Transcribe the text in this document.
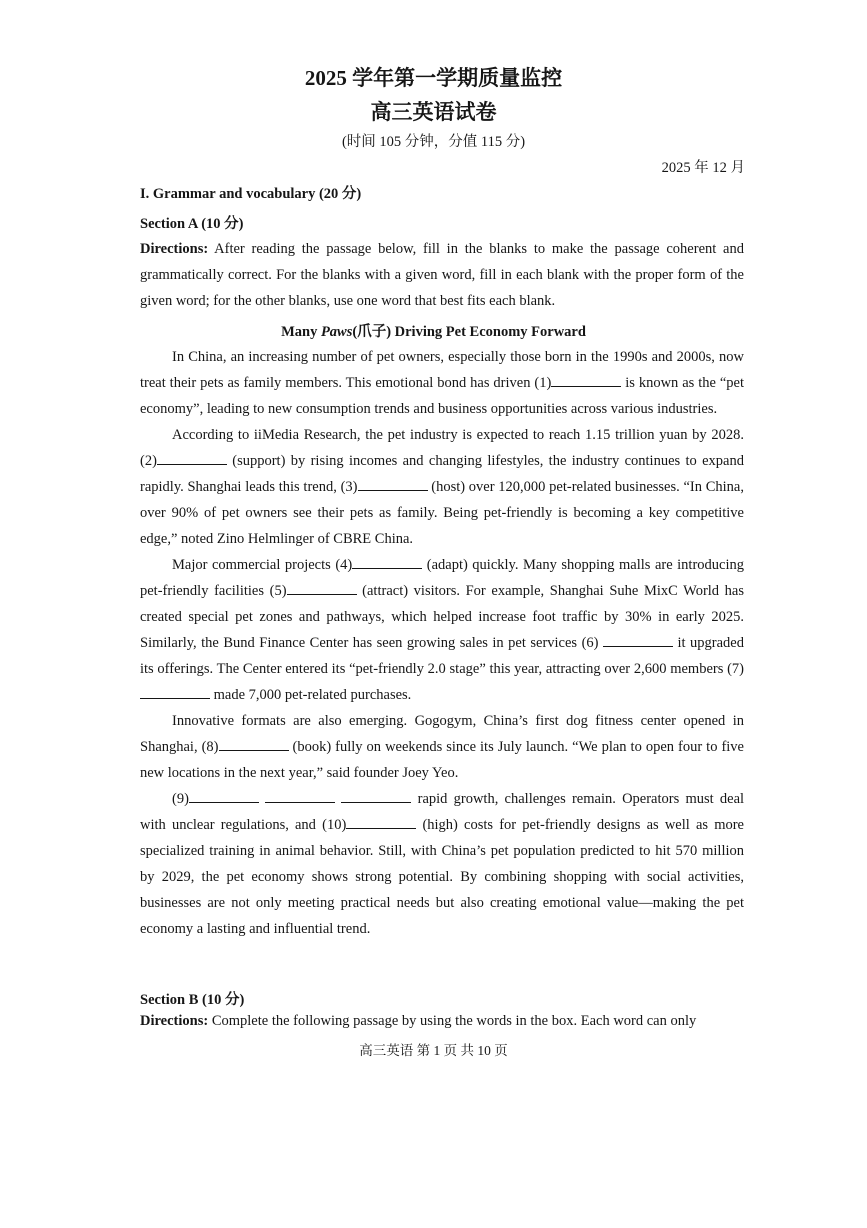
2025 学年第一学期质量监控
高三英语试卷
(时间 105 分钟，分值 115 分)
2025 年 12 月
I. Grammar and vocabulary (20 分)
Section A (10 分)
Directions: After reading the passage below, fill in the blanks to make the passage coherent and grammatically correct. For the blanks with a given word, fill in each blank with the proper form of the given word; for the other blanks, use one word that best fits each blank.
Many Paws(爪子) Driving Pet Economy Forward

In China, an increasing number of pet owners, especially those born in the 1990s and 2000s, now treat their pets as family members. This emotional bond has driven (1)	is known as the “pet economy”, leading to new consumption trends and business opportunities across various industries.

According to iiMedia Research, the pet industry is expected to reach 1.15 trillion yuan by 2028. (2)	(support) by rising incomes and changing lifestyles, the industry continues to expand rapidly. Shanghai leads this trend, (3)	(host) over 120,000 pet-related businesses. “In China, over 90% of pet owners see their pets as family. Being pet-friendly is becoming a key competitive edge,” noted Zino Helmlinger of CBRE China.

Major commercial projects (4)	(adapt) quickly. Many shopping malls are introducing pet-friendly facilities (5)	(attract) visitors. For example, Shanghai Suhe MixC World has created special pet zones and pathways, which helped increase foot traffic by 30% in early 2025. Similarly, the Bund Finance Center has seen growing sales in pet services (6)	it upgraded its offerings. The Center entered its “pet-friendly 2.0 stage” this year, attracting over 2,600 members (7) made 7,000 pet-related purchases.

Innovative formats are also emerging. Gogogym, China’s first dog fitness center opened in Shanghai, (8)	(book) fully on weekends since its July launch. “We plan to open four to five new locations in the next year,” said founder Joey Yeo.

(9)	rapid growth, challenges remain. Operators must deal with unclear regulations, and (10)	(high) costs for pet-friendly designs as well as more specialized training in animal behavior. Still, with China’s pet population predicted to hit 570 million by 2029, the pet economy shows strong potential. By combining shopping with social activities, businesses are not only meeting practical needs but also creating emotional value—making the pet economy a lasting and influential trend.

Section B (10 分)
Directions: Complete the following passage by using the words in the box. Each word can only
高三英语 第 1 页 共 10 页
